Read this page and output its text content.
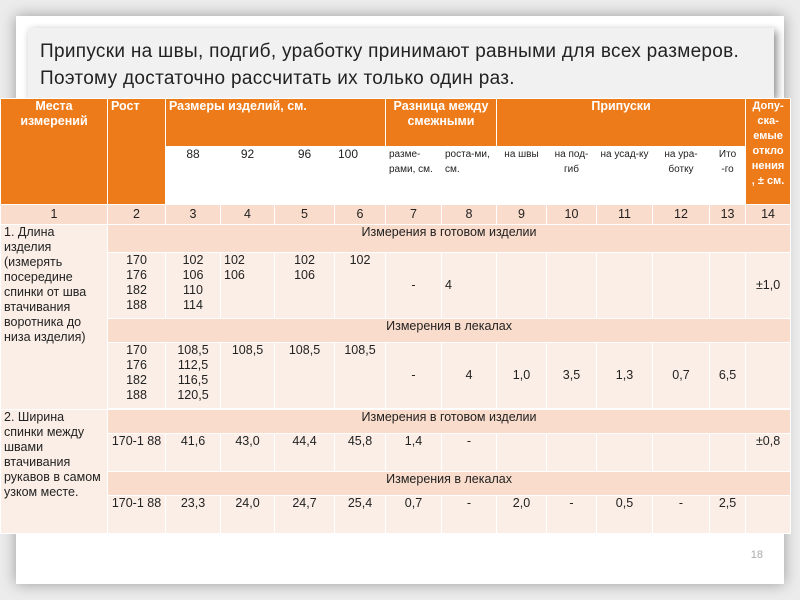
Припуски на швы, подгиб, уработку принимают равными для всех размеров. Поэтому достаточно рассчитать их только один раз.
Места измерений	Рост	Размеры изделий, см.				Разница между смежными		Припуски					Допу-ска-емые откло нения , ± см.
		88	92	96	100	разме-рами, см.	роста-ми, см.	на швы	на под-гиб	на усад-ку	на ура-ботку	Ито -го	
1	2	3	4	5	6	7	8	9	10	11	12	13	14
1. Длина изделия (измерять посередине спинки от шва втачивания воротника до низа изделия)	Измерения в готовом изделии												
	170
176
182
188	102
106
110
114	102
106	102
106	102	-	4						±1,0
	Измерения в лекалах												
	170
176
182
188	108,5
112,5
116,5
120,5	108,5	108,5	108,5	-	4	1,0	3,5	1,3	0,7	6,5	

2. Ширина спинки между швами втачивания рукавов в самом узком месте.	Измерения в готовом изделии												
	170-1 88	41,6	43,0	44,4	45,8	1,4	-						±0,8
	Измерения в лекалах												
	170-1 88	23,3	24,0	24,7	25,4	0,7	-	2,0	-	0,5	-	2,5	
18
